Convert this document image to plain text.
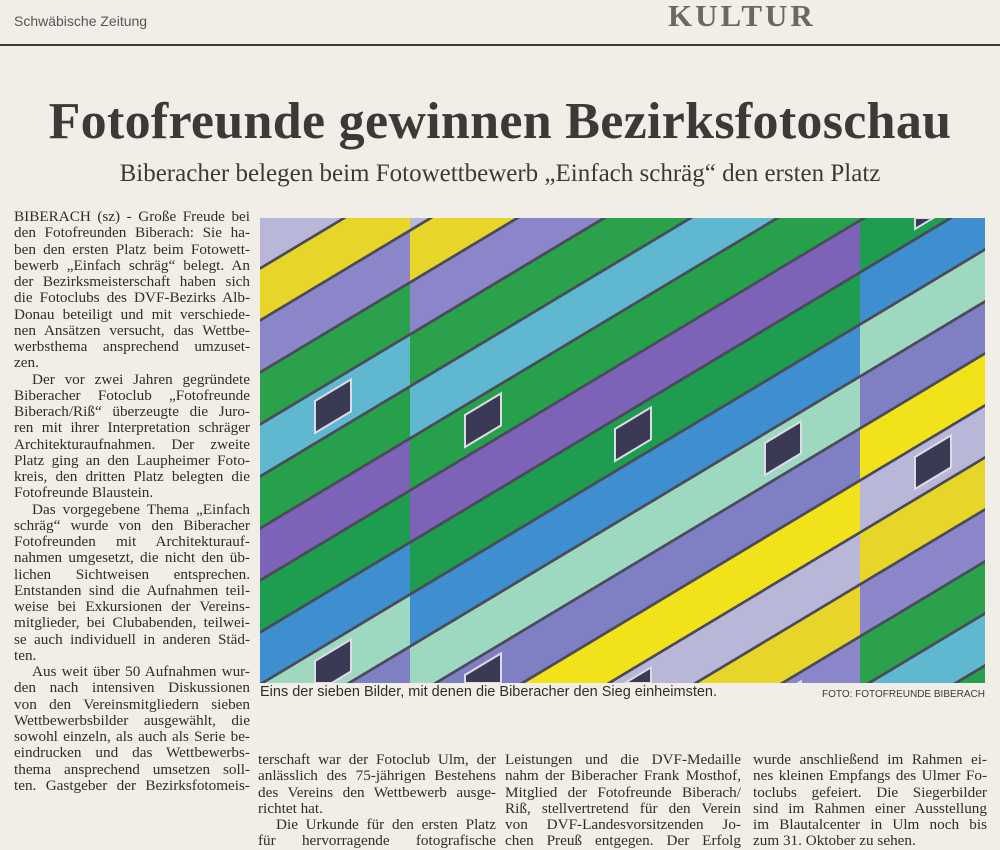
Schwäbische Zeitung	KULTUR
Fotofreunde gewinnen Bezirksfotoschau
Biberacher belegen beim Fotowettbewerb „Einfach schräg“ den ersten Platz
BIBERACH (sz) - Große Freude bei
den Fotofreunden Biberach: Sie ha-
ben den ersten Platz beim Fotowett-
bewerb „Einfach schräg“ belegt. An
der Bezirksmeisterschaft haben sich
die Fotoclubs des DVF-Bezirks Alb-
Donau beteiligt und mit verschiede-
nen Ansätzen versucht, das Wettbe-
werbsthema ansprechend umzuset-
zen.
Der vor zwei Jahren gegründete
Biberacher Fotoclub „Fotofreunde
Biberach/Riß“ überzeugte die Juro-
ren mit ihrer Interpretation schräger
Architekturaufnahmen. Der zweite
Platz ging an den Laupheimer Foto-
kreis, den dritten Platz belegten die
Fotofreunde Blaustein.
Das vorgegebene Thema „Einfach
schräg“ wurde von den Biberacher
Fotofreunden mit Architekturauf-
nahmen umgesetzt, die nicht den üb-
lichen Sichtweisen entsprechen.
Entstanden sind die Aufnahmen teil-
weise bei Exkursionen der Vereins-
mitglieder, bei Clubabenden, teilwei-
se auch individuell in anderen Städ-
ten.
Aus weit über 50 Aufnahmen wur-
den nach intensiven Diskussionen
von den Vereinsmitgliedern sieben
Wettbewerbsbilder ausgewählt, die
sowohl einzeln, als auch als Serie be-
eindrucken und das Wettbewerbs-
thema ansprechend umsetzen soll-
ten. Gastgeber der Bezirksfotomeis-
Eins der sieben Bilder, mit denen die Biberacher den Sieg einheimsten.	FOTO: FOTOFREUNDE BIBERACH
terschaft war der Fotoclub Ulm, der
anlässlich des 75-jährigen Bestehens
des Vereins den Wettbewerb ausge-
richtet hat.
Die Urkunde für den ersten Platz
für hervorragende fotografische
Leistungen und die DVF-Medaille
nahm der Biberacher Frank Mosthof,
Mitglied der Fotofreunde Biberach/
Riß, stellvertretend für den Verein
von DVF-Landesvorsitzenden Jo-
chen Preuß entgegen. Der Erfolg
wurde anschließend im Rahmen ei-
nes kleinen Empfangs des Ulmer Fo-
toclubs gefeiert. Die Siegerbilder
sind im Rahmen einer Ausstellung
im Blautalcenter in Ulm noch bis
zum 31. Oktober zu sehen.
